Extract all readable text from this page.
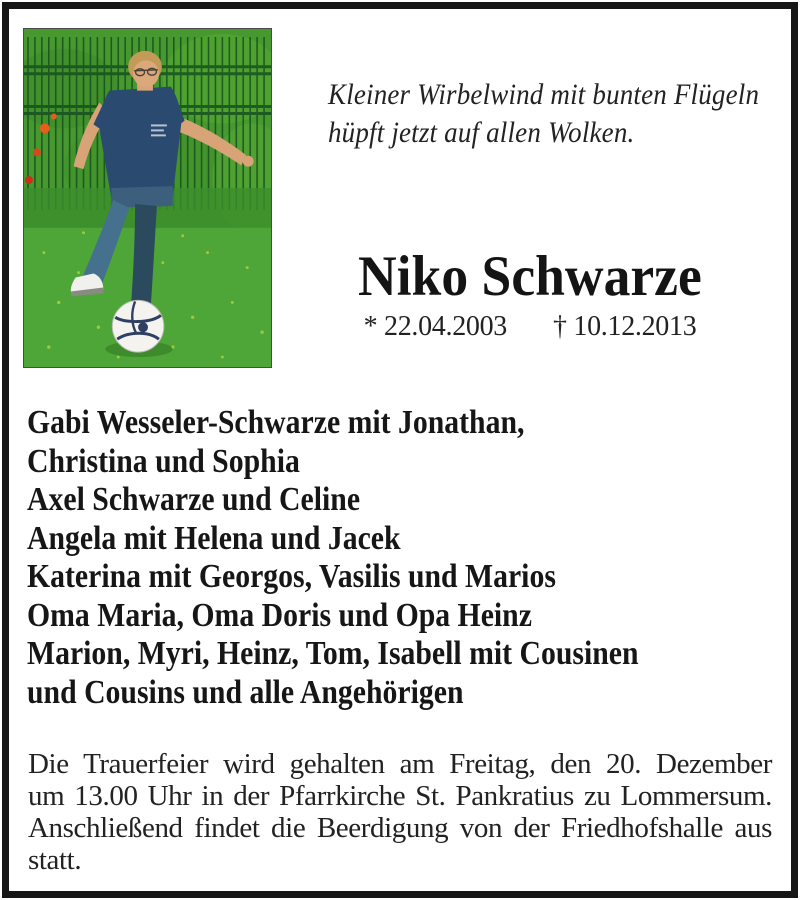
Kleiner Wirbelwind mit bunten Flügeln
hüpft jetzt auf allen Wolken.
Niko Schwarze
* 22.04.2003 † 10.12.2013
Gabi Wesseler-Schwarze mit Jonathan,
Christina und Sophia
Axel Schwarze und Celine
Angela mit Helena und Jacek
Katerina mit Georgos, Vasilis und Marios
Oma Maria, Oma Doris und Opa Heinz
Marion, Myri, Heinz, Tom, Isabell mit Cousinen
und Cousins und alle Angehörigen
Die Trauerfeier wird gehalten am Freitag, den 20. Dezember
um 13.00 Uhr in der Pfarrkirche St. Pankratius zu Lommersum.
Anschließend findet die Beerdigung von der Friedhofshalle aus
statt.
